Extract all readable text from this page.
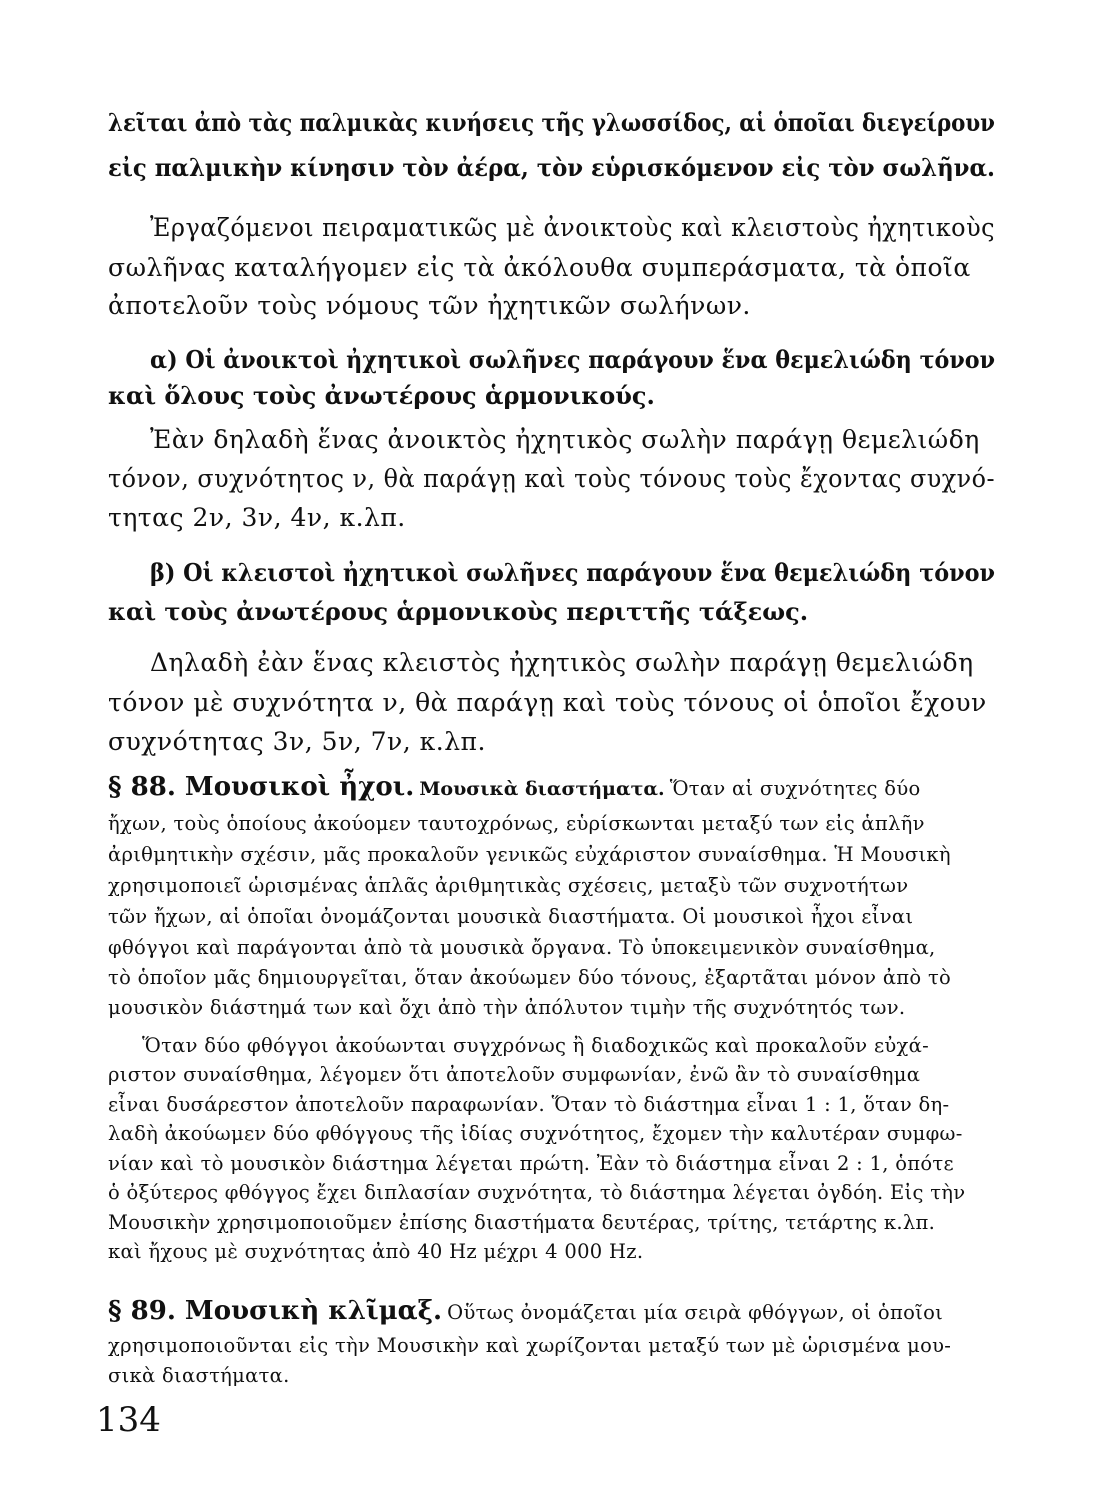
λεῖται ἀπὸ τὰς παλμικὰς κινήσεις τῆς γλωσσίδος, αἱ ὁποῖαι διεγείρουν
εἰς παλμικὴν κίνησιν τὸν ἀέρα, τὸν εὑρισκόμενον εἰς τὸν σωλῆνα.
Ἐργαζόμενοι πειραματικῶς μὲ ἀνοικτοὺς καὶ κλειστοὺς ἠχητικοὺς
σωλῆνας καταλήγομεν εἰς τὰ ἀκόλουθα συμπεράσματα, τὰ ὁποῖα
ἀποτελοῦν τοὺς νόμους τῶν ἠχητικῶν σωλήνων.
α) Οἱ ἀνοικτοὶ ἠχητικοὶ σωλῆνες παράγουν ἕνα θεμελιώδη τόνον
καὶ ὅλους τοὺς ἀνωτέρους ἁρμονικούς.
Ἐὰν δηλαδὴ ἕνας ἀνοικτὸς ἠχητικὸς σωλὴν παράγῃ θεμελιώδη
τόνον, συχνότητος ν, θὰ παράγῃ καὶ τοὺς τόνους τοὺς ἔχοντας συχνό-
τητας 2ν, 3ν, 4ν, κ.λπ.
β) Οἱ κλειστοὶ ἠχητικοὶ σωλῆνες παράγουν ἕνα θεμελιώδη τόνον
καὶ τοὺς ἀνωτέρους ἁρμονικοὺς περιττῆς τάξεως.
Δηλαδὴ ἐὰν ἕνας κλειστὸς ἠχητικὸς σωλὴν παράγῃ θεμελιώδη
τόνον μὲ συχνότητα ν, θὰ παράγῃ καὶ τοὺς τόνους οἱ ὁποῖοι ἔχουν
συχνότητας 3ν, 5ν, 7ν, κ.λπ.
§ 88. Μουσικοὶ ἦχοι. Μουσικὰ διαστήματα. Ὅταν αἱ συχνότητες δύο
ἤχων, τοὺς ὁποίους ἀκούομεν ταυτοχρόνως, εὑρίσκωνται μεταξύ των εἰς ἁπλῆν
ἀριθμητικὴν σχέσιν, μᾶς προκαλοῦν γενικῶς εὐχάριστον συναίσθημα. Ἡ Μουσικὴ
χρησιμοποιεῖ ὡρισμένας ἁπλᾶς ἀριθμητικὰς σχέσεις, μεταξὺ τῶν συχνοτήτων
τῶν ἤχων, αἱ ὁποῖαι ὀνομάζονται μουσικὰ διαστήματα. Οἱ μουσικοὶ ἦχοι εἶναι
φθόγγοι καὶ παράγονται ἀπὸ τὰ μουσικὰ ὄργανα. Τὸ ὑποκειμενικὸν συναίσθημα,
τὸ ὁποῖον μᾶς δημιουργεῖται, ὅταν ἀκούωμεν δύο τόνους, ἐξαρτᾶται μόνον ἀπὸ τὸ
μουσικὸν διάστημά των καὶ ὄχι ἀπὸ τὴν ἀπόλυτον τιμὴν τῆς συχνότητός των.
Ὅταν δύο φθόγγοι ἀκούωνται συγχρόνως ἢ διαδοχικῶς καὶ προκαλοῦν εὐχά-
ριστον συναίσθημα, λέγομεν ὅτι ἀποτελοῦν συμφωνίαν, ἐνῶ ἂν τὸ συναίσθημα
εἶναι δυσάρεστον ἀποτελοῦν παραφωνίαν. Ὅταν τὸ διάστημα εἶναι 1 : 1, ὅταν δη-
λαδὴ ἀκούωμεν δύο φθόγγους τῆς ἰδίας συχνότητος, ἔχομεν τὴν καλυτέραν συμφω-
νίαν καὶ τὸ μουσικὸν διάστημα λέγεται πρώτη. Ἐὰν τὸ διάστημα εἶναι 2 : 1, ὁπότε
ὁ ὀξύτερος φθόγγος ἔχει διπλασίαν συχνότητα, τὸ διάστημα λέγεται ὀγδόη. Εἰς τὴν
Μουσικὴν χρησιμοποιοῦμεν ἐπίσης διαστήματα δευτέρας, τρίτης, τετάρτης κ.λπ.
καὶ ἤχους μὲ συχνότητας ἀπὸ 40 Hz μέχρι 4 000 Hz.
§ 89. Μουσικὴ κλῖμαξ. Οὕτως ὀνομάζεται μία σειρὰ φθόγγων, οἱ ὁποῖοι
χρησιμοποιοῦνται εἰς τὴν Μουσικὴν καὶ χωρίζονται μεταξύ των μὲ ὡρισμένα μου-
σικὰ διαστήματα.
134
